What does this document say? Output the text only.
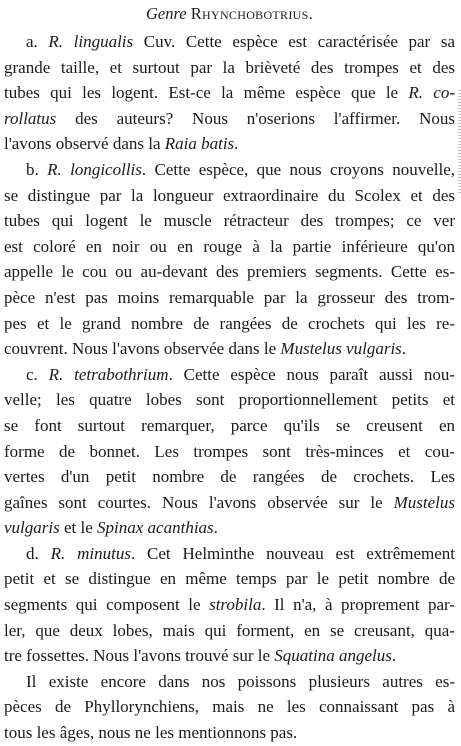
Genre Rhynchobotrius.
a. R. lingualis Cuv. Cette espèce est caractérisée par sa
grande taille, et surtout par la brièveté des trompes et des
tubes qui les logent. Est-ce la même espèce que le R. co-
rollatus des auteurs? Nous n'oserions l'affirmer. Nous
l'avons observé dans la Raia batis.
b. R. longicollis. Cette espèce, que nous croyons nouvelle,
se distingue par la longueur extraordinaire du Scolex et des
tubes qui logent le muscle rétracteur des trompes; ce ver
est coloré en noir ou en rouge à la partie inférieure qu'on
appelle le cou ou au-devant des premiers segments. Cette es-
pèce n'est pas moins remarquable par la grosseur des trom-
pes et le grand nombre de rangées de crochets qui les re-
couvrent. Nous l'avons observée dans le Mustelus vulgaris.
c. R. tetrabothrium. Cette espèce nous paraît aussi nou-
velle; les quatre lobes sont proportionnellement petits et
se font surtout remarquer, parce qu'ils se creusent en
forme de bonnet. Les trompes sont très-minces et cou-
vertes d'un petit nombre de rangées de crochets. Les
gaînes sont courtes. Nous l'avons observée sur le Mustelus
vulgaris et le Spinax acanthias.
d. R. minutus. Cet Helminthe nouveau est extrêmement
petit et se distingue en même temps par le petit nombre de
segments qui composent le strobila. Il n'a, à proprement par-
ler, que deux lobes, mais qui forment, en se creusant, qua-
tre fossettes. Nous l'avons trouvé sur le Squatina angelus.
Il existe encore dans nos poissons plusieurs autres es-
pèces de Phyllorynchiens, mais ne les connaissant pas à
tous les âges, nous ne les mentionnons pas.
